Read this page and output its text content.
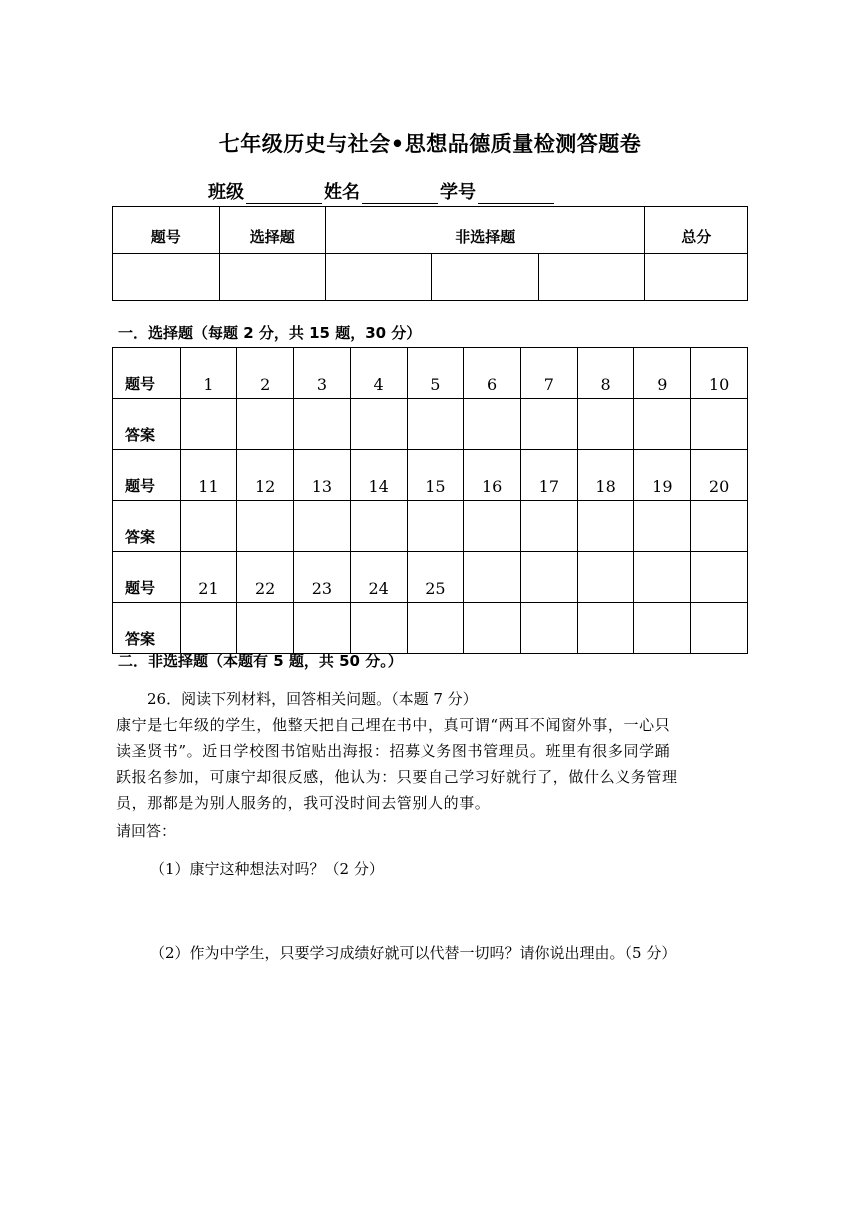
七年级历史与社会•思想品德质量检测答题卷
班级	姓名	学号
题号	选择题	非选择题			总分

一．选择题（每题 2 分，共 15 题，30 分）
题号	1	2	3	4	5	6	7	8	9	10
答案										
题号	11	12	13	14	15	16	17	18	19	20
答案										
题号	21	22	23	24	25					
答案										
二．非选择题（本题有 5 题，共 50 分。）
26．阅读下列材料，回答相关问题。（本题 7 分）

康宁是七年级的学生，他整天把自己埋在书中，真可谓“两耳不闻窗外事，一心只

读圣贤书”。近日学校图书馆贴出海报：招募义务图书管理员。班里有很多同学踊

跃报名参加，可康宁却很反感，他认为：只要自己学习好就行了，做什么义务管理

员，那都是为别人服务的，我可没时间去管别人的事。

请回答：
（1）康宁这种想法对吗？（2 分）
（2）作为中学生，只要学习成绩好就可以代替一切吗？请你说出理由。（5 分）
